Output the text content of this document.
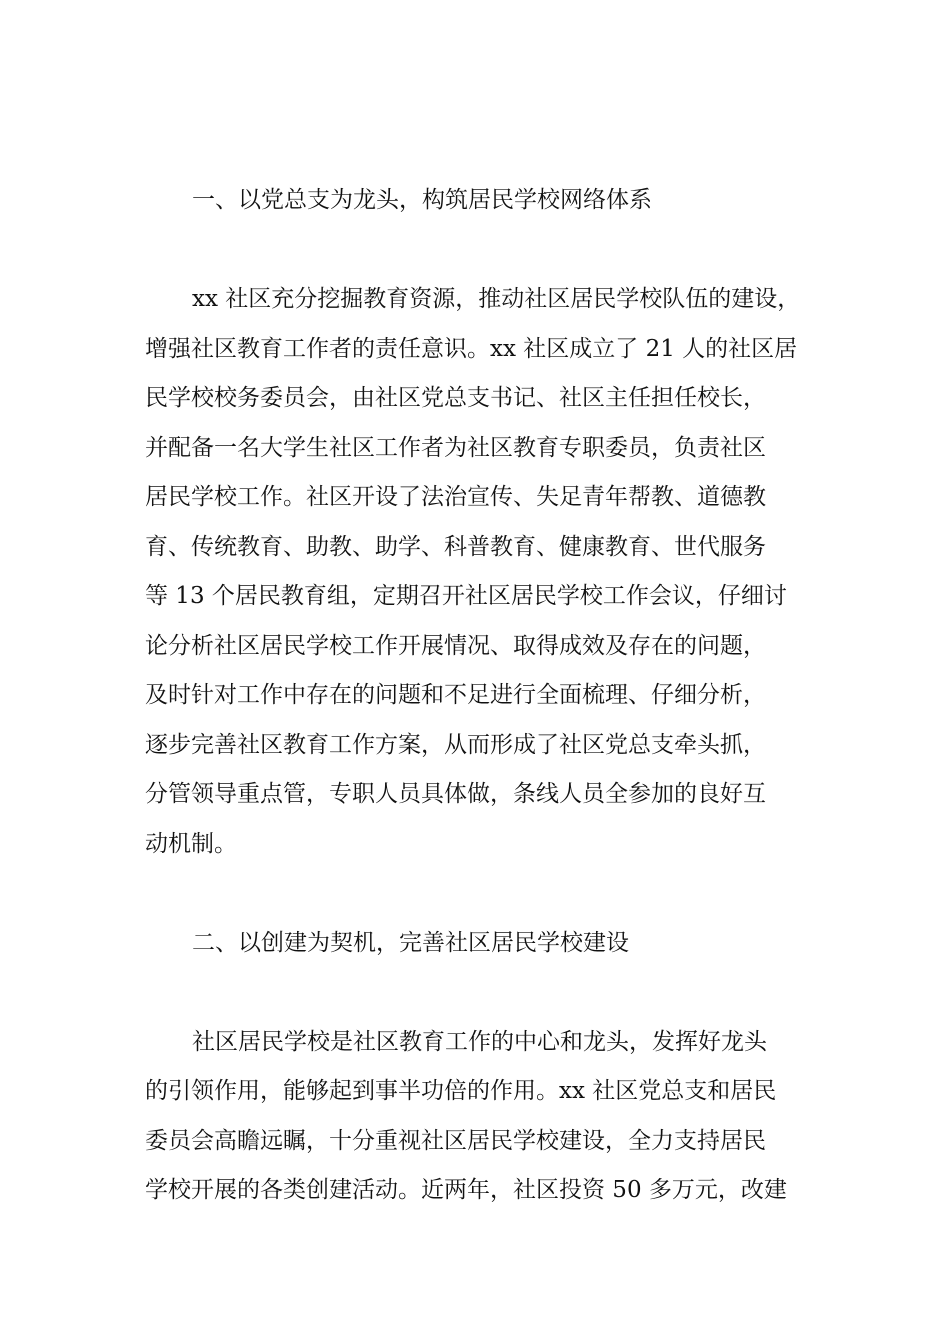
一、以党总支为龙头，构筑居民学校网络体系
xx 社区充分挖掘教育资源，推动社区居民学校队伍的建设，
增强社区教育工作者的责任意识。xx 社区成立了 21 人的社区居
民学校校务委员会，由社区党总支书记、社区主任担任校长，
并配备一名大学生社区工作者为社区教育专职委员，负责社区
居民学校工作。社区开设了法治宣传、失足青年帮教、道德教
育、传统教育、助教、助学、科普教育、健康教育、世代服务
等 13 个居民教育组，定期召开社区居民学校工作会议，仔细讨
论分析社区居民学校工作开展情况、取得成效及存在的问题，
及时针对工作中存在的问题和不足进行全面梳理、仔细分析，
逐步完善社区教育工作方案，从而形成了社区党总支牵头抓，
分管领导重点管，专职人员具体做，条线人员全参加的良好互
动机制。
二、以创建为契机，完善社区居民学校建设
社区居民学校是社区教育工作的中心和龙头，发挥好龙头
的引领作用，能够起到事半功倍的作用。xx 社区党总支和居民
委员会高瞻远瞩，十分重视社区居民学校建设，全力支持居民
学校开展的各类创建活动。近两年，社区投资 50 多万元，改建
